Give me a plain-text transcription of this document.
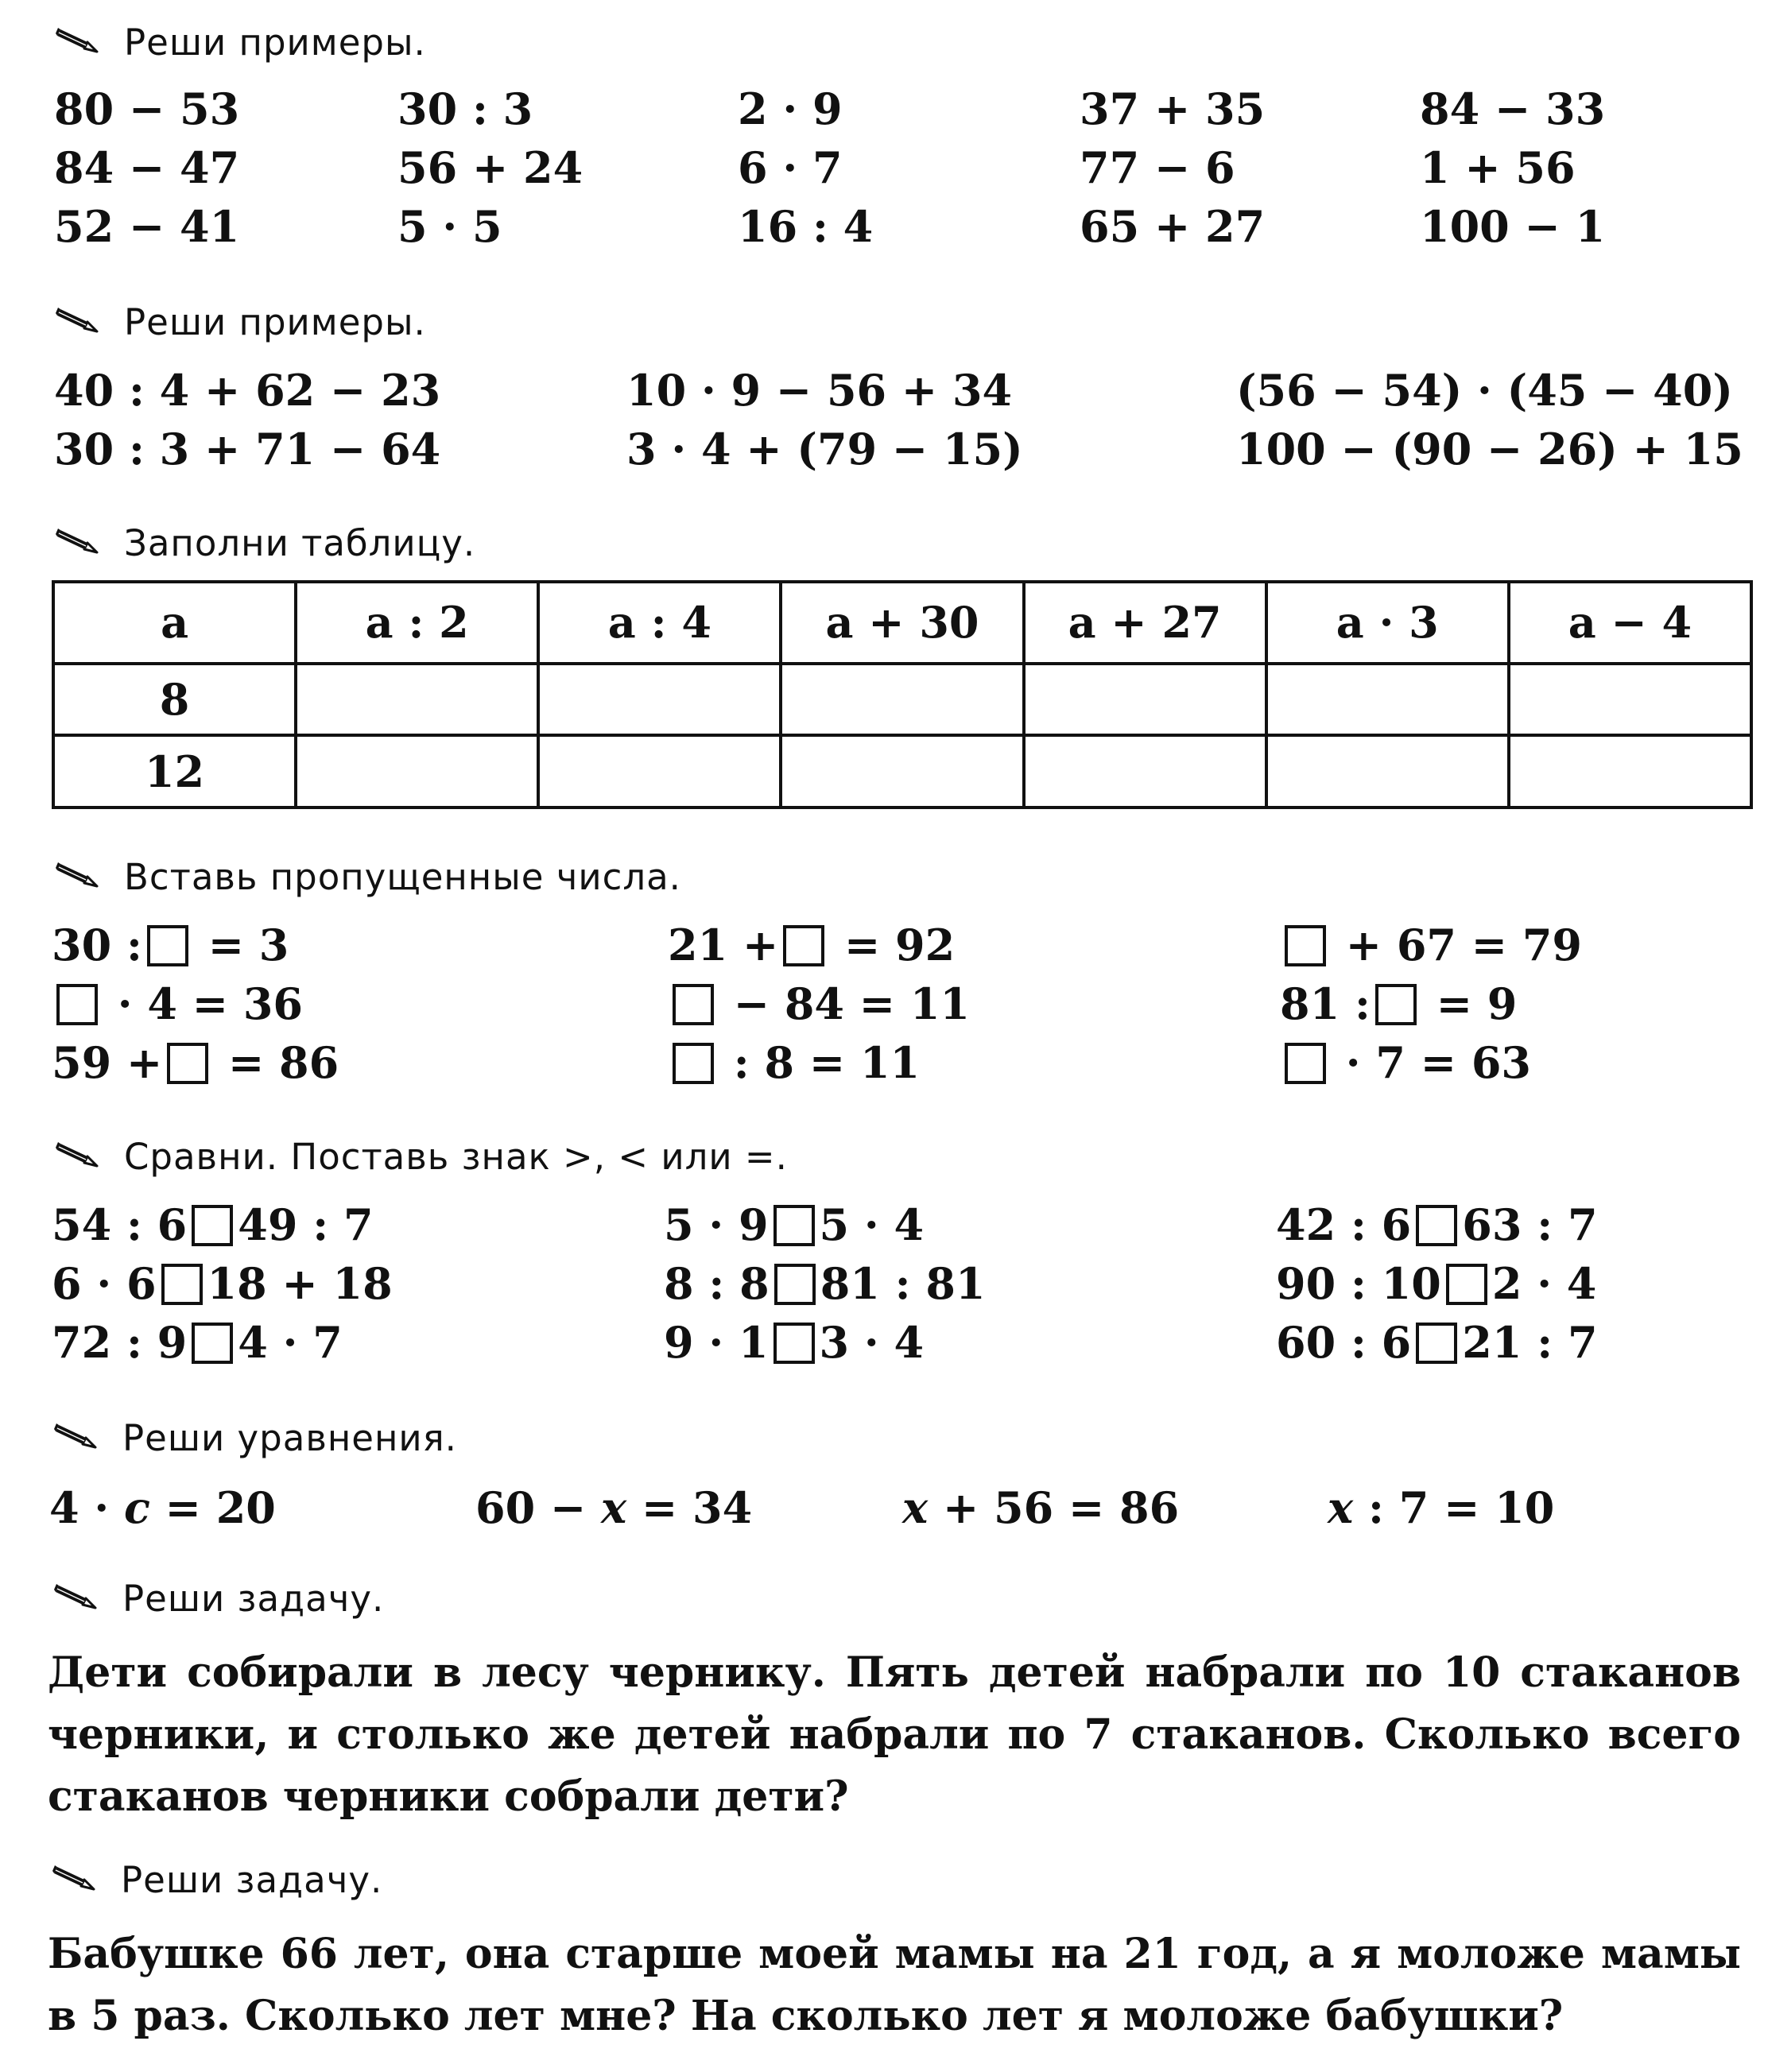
Реши примеры.
80 − 53	30 : 3	2 · 9	37 + 35	84 − 33
84 − 47	56 + 24	6 · 7	77 − 6	1 + 56
52 − 41	5 · 5	16 : 4	65 + 27	100 − 1
Реши примеры.
40 : 4 + 62 − 23	10 · 9 − 56 + 34	(56 − 54) · (45 − 40)
30 : 3 + 71 − 64	3 · 4 + (79 − 15)	100 − (90 − 26) + 15
Заполни таблицу.
a	a : 2	a : 4	a + 30	a + 27	a · 3	a − 4
8						
12						
Вставь пропущенные числа.
30 : = 3	21 + = 92	+ 67 = 79
· 4 = 36	− 84 = 11	81 : = 9
59 + = 86	: 8 = 11	· 7 = 63
Сравни. Поставь знак >, < или =.
54 : 6 49 : 7	5 · 9 5 · 4	42 : 6 63 : 7
6 · 6 18 + 18	8 : 8 81 : 81	90 : 10 2 · 4
72 : 9 4 · 7	9 · 1 3 · 4	60 : 6 21 : 7
Реши уравнения.
4 · c = 20	60 − x = 34	x + 56 = 86	x : 7 = 10
Реши задачу.

Дети собирали в лесу чернику. Пять детей набрали по 10 стаканов черники, и столько же детей набрали по 7 стаканов. Сколько всего стаканов черники собрали дети?

Реши задачу.

Бабушке 66 лет, она старше моей мамы на 21 год, а я моложе мамы в 5 раз. Сколько лет мне? На сколько лет я моложе бабушки?
